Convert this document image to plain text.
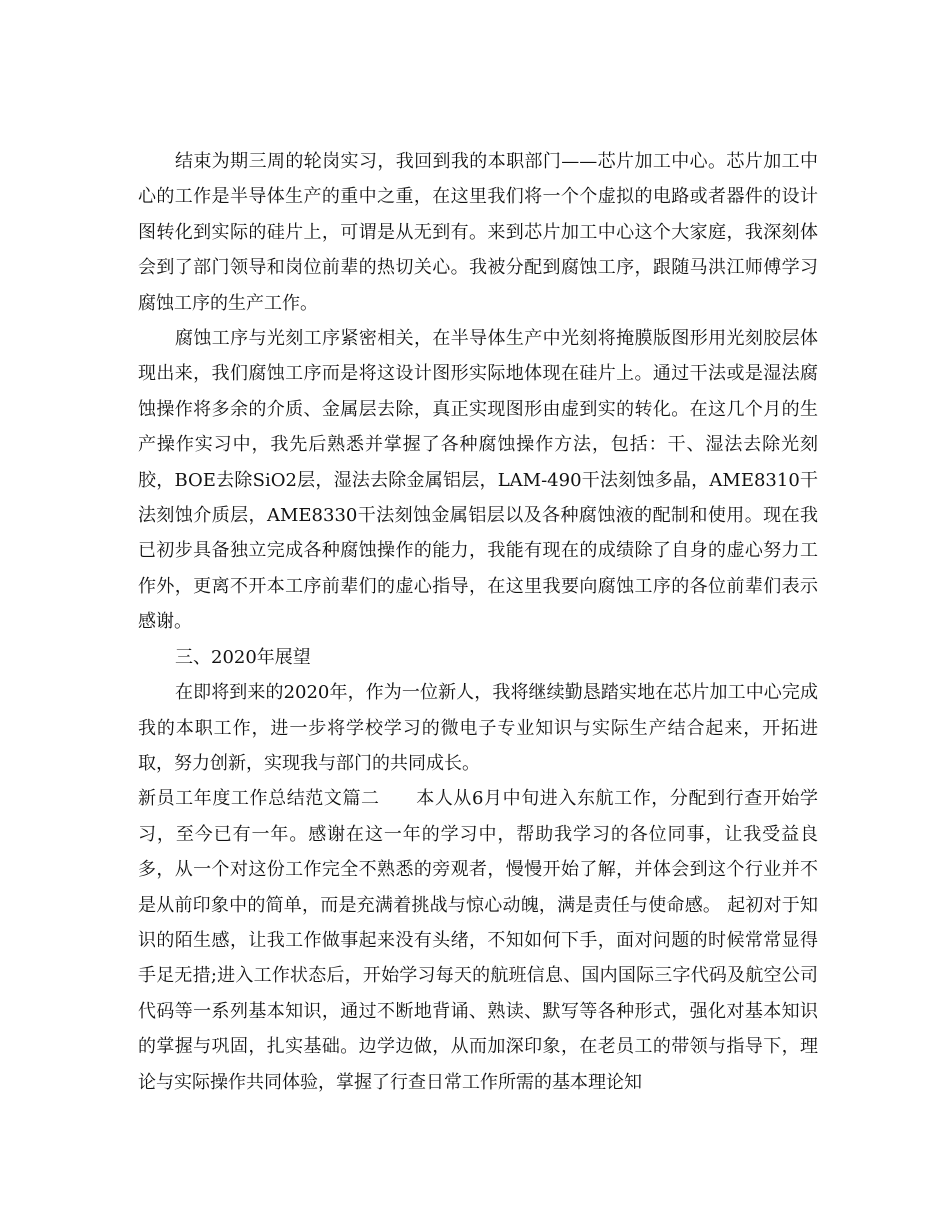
结束为期三周的轮岗实习，我回到我的本职部门——芯片加工中心。芯片加工中心的工作是半导体生产的重中之重，在这里我们将一个个虚拟的电路或者器件的设计图转化到实际的硅片上，可谓是从无到有。来到芯片加工中心这个大家庭，我深刻体会到了部门领导和岗位前辈的热切关心。我被分配到腐蚀工序，跟随马洪江师傅学习腐蚀工序的生产工作。

腐蚀工序与光刻工序紧密相关，在半导体生产中光刻将掩膜版图形用光刻胶层体现出来，我们腐蚀工序而是将这设计图形实际地体现在硅片上。通过干法或是湿法腐蚀操作将多余的介质、金属层去除，真正实现图形由虚到实的转化。在这几个月的生产操作实习中，我先后熟悉并掌握了各种腐蚀操作方法，包括：干、湿法去除光刻胶，BOE去除SiO2层，湿法去除金属铝层，LAM-490干法刻蚀多晶，AME8310干法刻蚀介质层，AME8330干法刻蚀金属铝层以及各种腐蚀液的配制和使用。现在我已初步具备独立完成各种腐蚀操作的能力，我能有现在的成绩除了自身的虚心努力工作外，更离不开本工序前辈们的虚心指导，在这里我要向腐蚀工序的各位前辈们表示感谢。

三、2020年展望

在即将到来的2020年，作为一位新人，我将继续勤恳踏实地在芯片加工中心完成我的本职工作，进一步将学校学习的微电子专业知识与实际生产结合起来，开拓进取，努力创新，实现我与部门的共同成长。

新员工年度工作总结范文篇二 本人从6月中旬进入东航工作，分配到行查开始学习，至今已有一年。感谢在这一年的学习中，帮助我学习的各位同事，让我受益良多，从一个对这份工作完全不熟悉的旁观者，慢慢开始了解，并体会到这个行业并不是从前印象中的简单，而是充满着挑战与惊心动魄，满是责任与使命感。 起初对于知识的陌生感，让我工作做事起来没有头绪，不知如何下手，面对问题的时候常常显得手足无措;进入工作状态后，开始学习每天的航班信息、国内国际三字代码及航空公司代码等一系列基本知识，通过不断地背诵、熟读、默写等各种形式，强化对基本知识的掌握与巩固，扎实基础。边学边做，从而加深印象，在老员工的带领与指导下，理论与实际操作共同体验，掌握了行查日常工作所需的基本理论知
